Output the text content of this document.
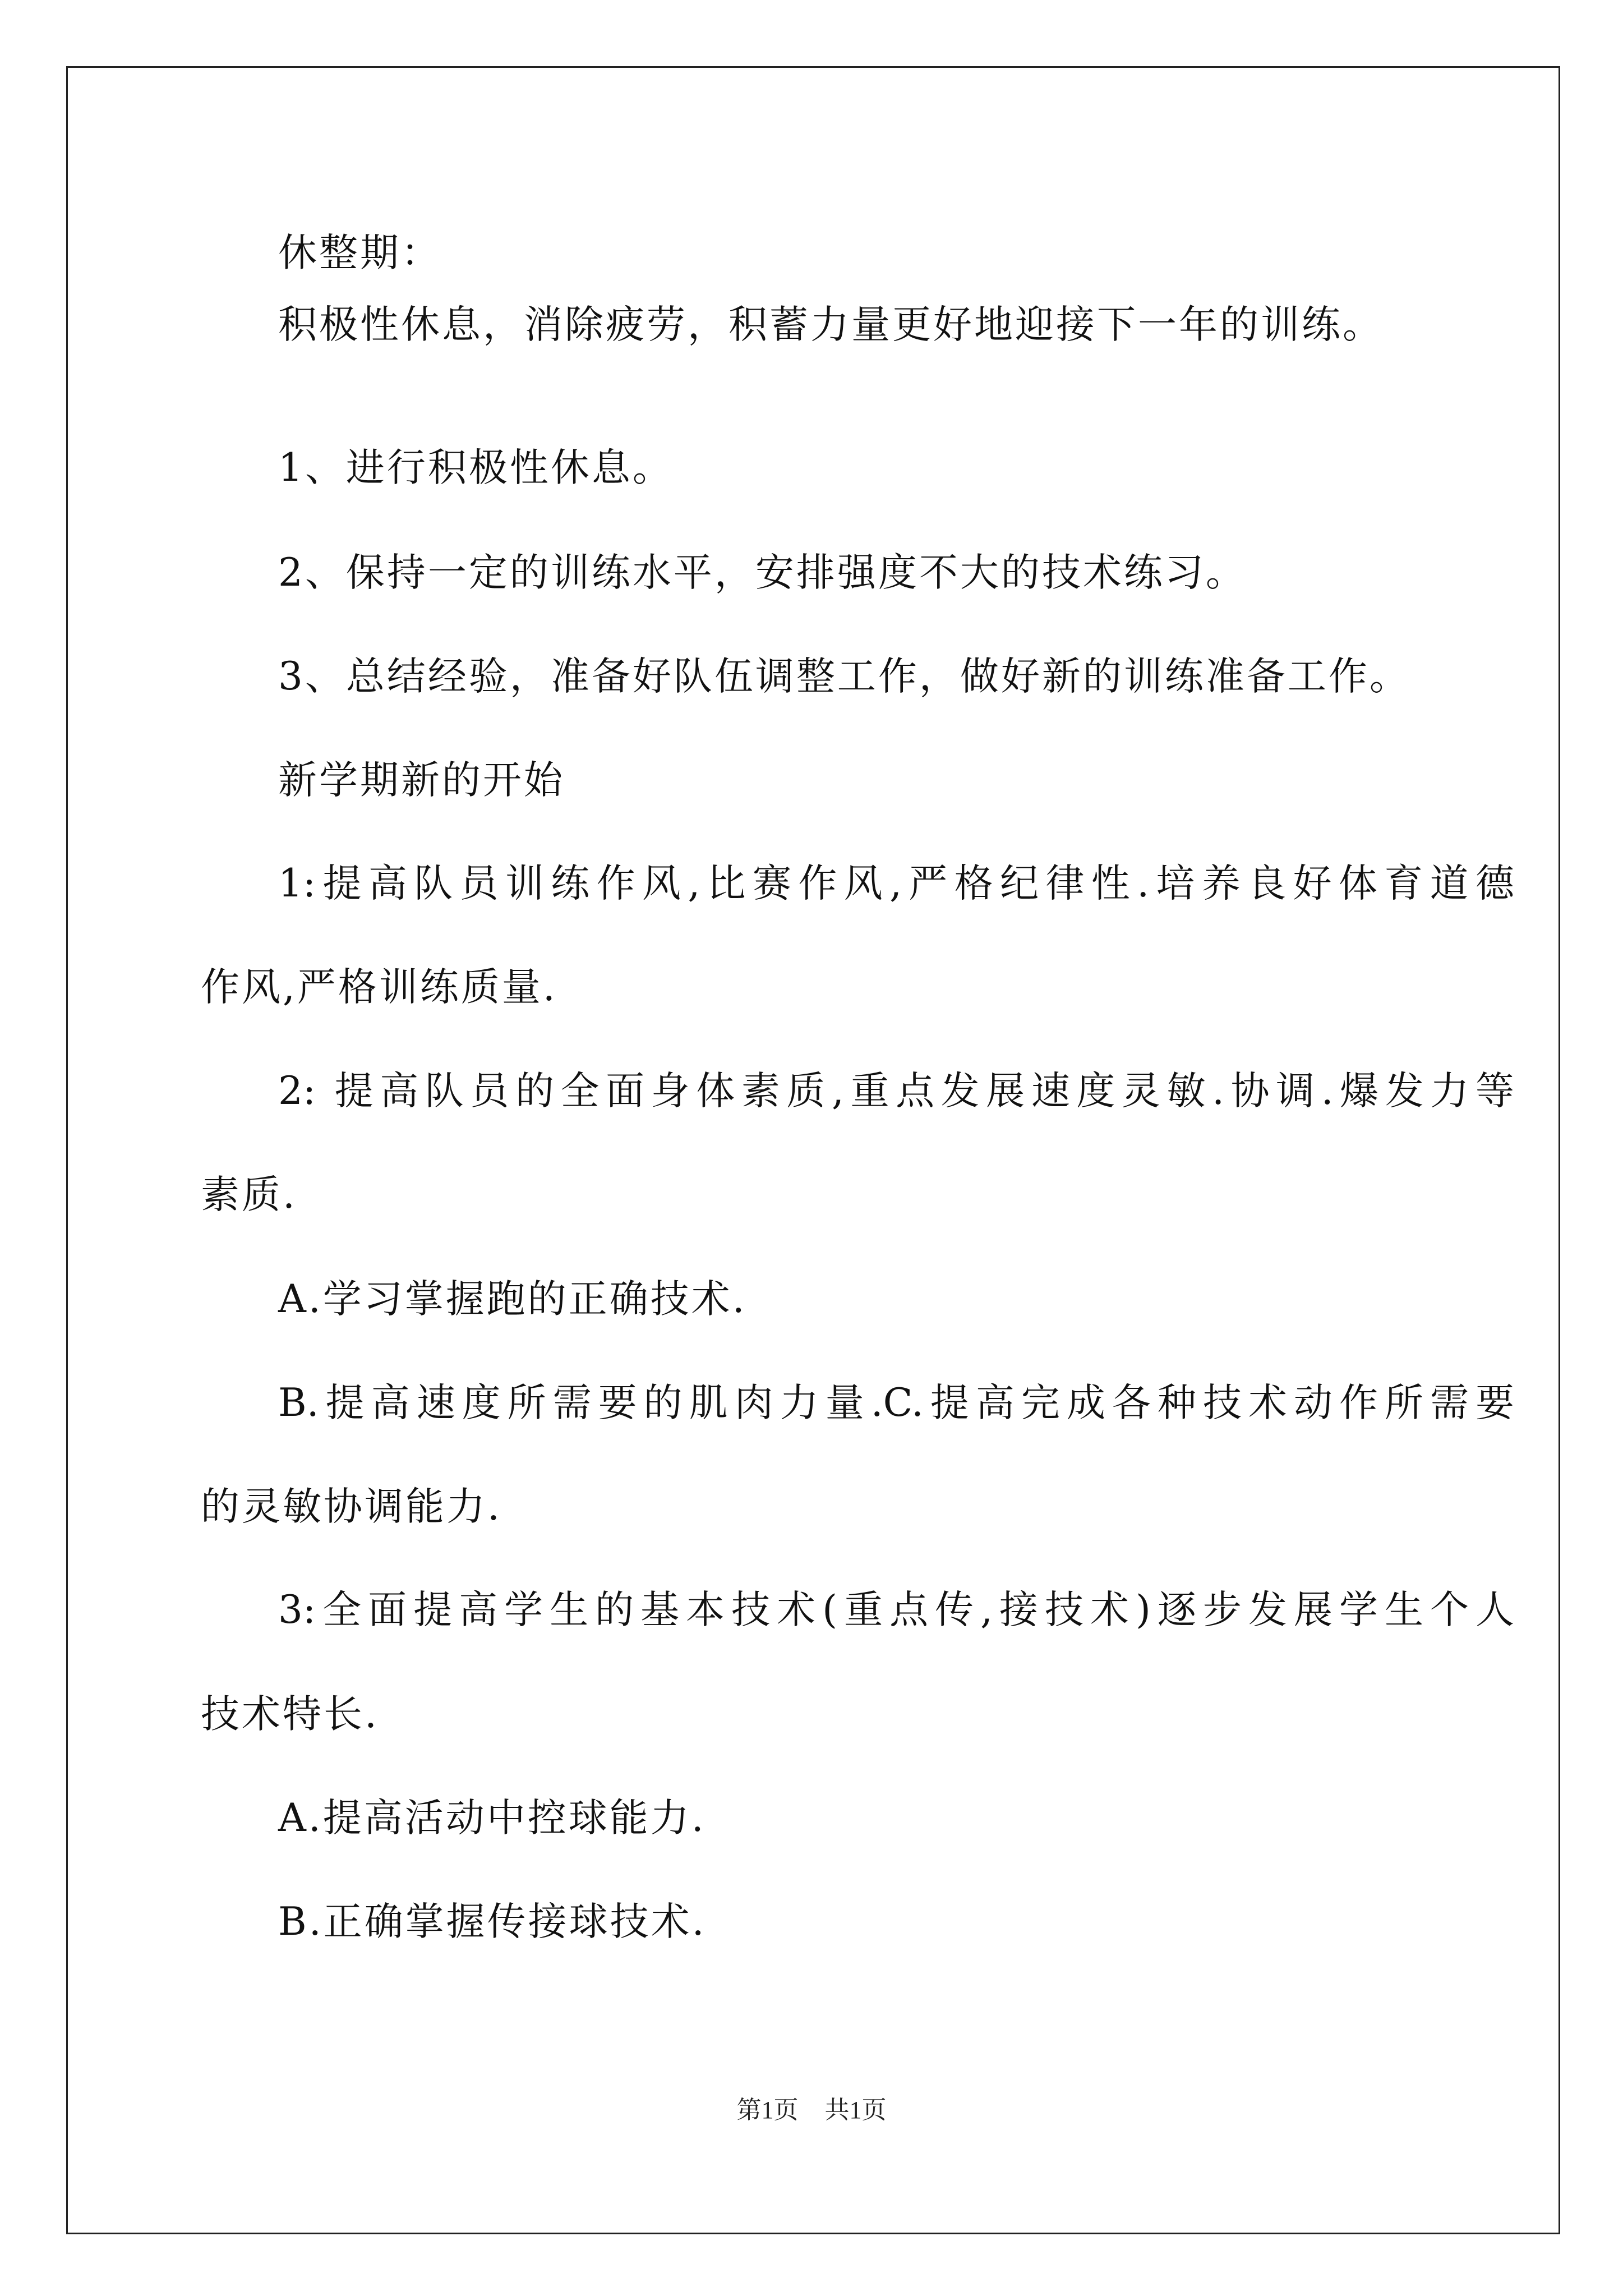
休整期：
积极性休息，消除疲劳，积蓄力量更好地迎接下一年的训练。
1、进行积极性休息。
2、保持一定的训练水平，安排强度不大的技术练习。
3、总结经验，准备好队伍调整工作，做好新的训练准备工作。
新学期新的开始
1:提高队员训练作风,比赛作风,严格纪律性.培养良好体育道德
作风,严格训练质量.
2: 提高队员的全面身体素质,重点发展速度灵敏.协调.爆发力等
素质.
A.学习掌握跑的正确技术.
B.提高速度所需要的肌肉力量.C.提高完成各种技术动作所需要
的灵敏协调能力.
3:全面提高学生的基本技术(重点传,接技术)逐步发展学生个人
技术特长.
A.提高活动中控球能力.
B.正确掌握传接球技术.
第1页 共1页
